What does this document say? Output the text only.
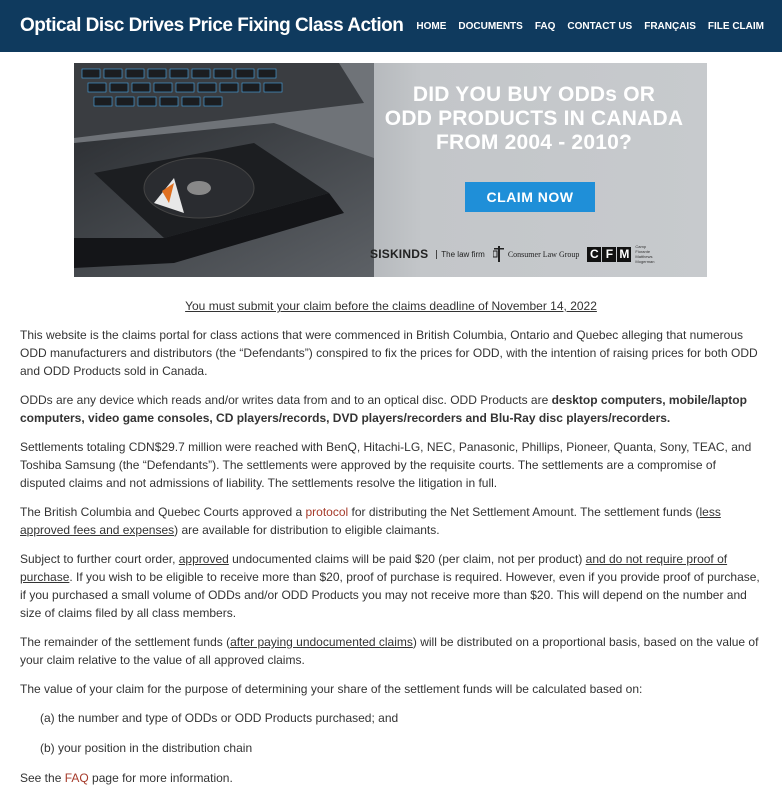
Optical Disc Drives Price Fixing Class Action HOME DOCUMENTS FAQ CONTACT US FRANÇAIS FILE CLAIM
DID YOU BUY ODDs OR
ODD PRODUCTS IN CANADA
FROM 2004 - 2010?
CLAIM NOW
SISKINDS	The law firm	Consumer Law Group C F M
Camp Fiorante Matthews Mogerman

You must submit your claim before the claims deadline of November 14, 2022

This website is the claims portal for class actions that were commenced in British Columbia, Ontario and Quebec alleging that numerous ODD manufacturers and distributors (the “Defendants”) conspired to fix the prices for ODD, with the intention of raising prices for both ODD and ODD Products sold in Canada.

ODDs are any device which reads and/or writes data from and to an optical disc. ODD Products are desktop computers, mobile/laptop computers, video game consoles, CD players/records, DVD players/recorders and Blu-Ray disc players/recorders.

Settlements totaling CDN$29.7 million were reached with BenQ, Hitachi-LG, NEC, Panasonic, Phillips, Pioneer, Quanta, Sony, TEAC, and Toshiba Samsung (the “Defendants”). The settlements were approved by the requisite courts. The settlements are a compromise of disputed claims and not admissions of liability. The settlements resolve the litigation in full.

The British Columbia and Quebec Courts approved a protocol for distributing the Net Settlement Amount. The settlement funds (less approved fees and expenses) are available for distribution to eligible claimants.

Subject to further court order, approved undocumented claims will be paid $20 (per claim, not per product) and do not require proof of purchase. If you wish to be eligible to receive more than $20, proof of purchase is required. However, even if you provide proof of purchase, if you purchased a small volume of ODDs and/or ODD Products you may not receive more than $20. This will depend on the number and size of claims filed by all class members.

The remainder of the settlement funds (after paying undocumented claims) will be distributed on a proportional basis, based on the value of your claim relative to the value of all approved claims.

The value of your claim for the purpose of determining your share of the settlement funds will be calculated based on:

(a) the number and type of ODDs or ODD Products purchased; and

(b) your position in the distribution chain

See the FAQ page for more information.
